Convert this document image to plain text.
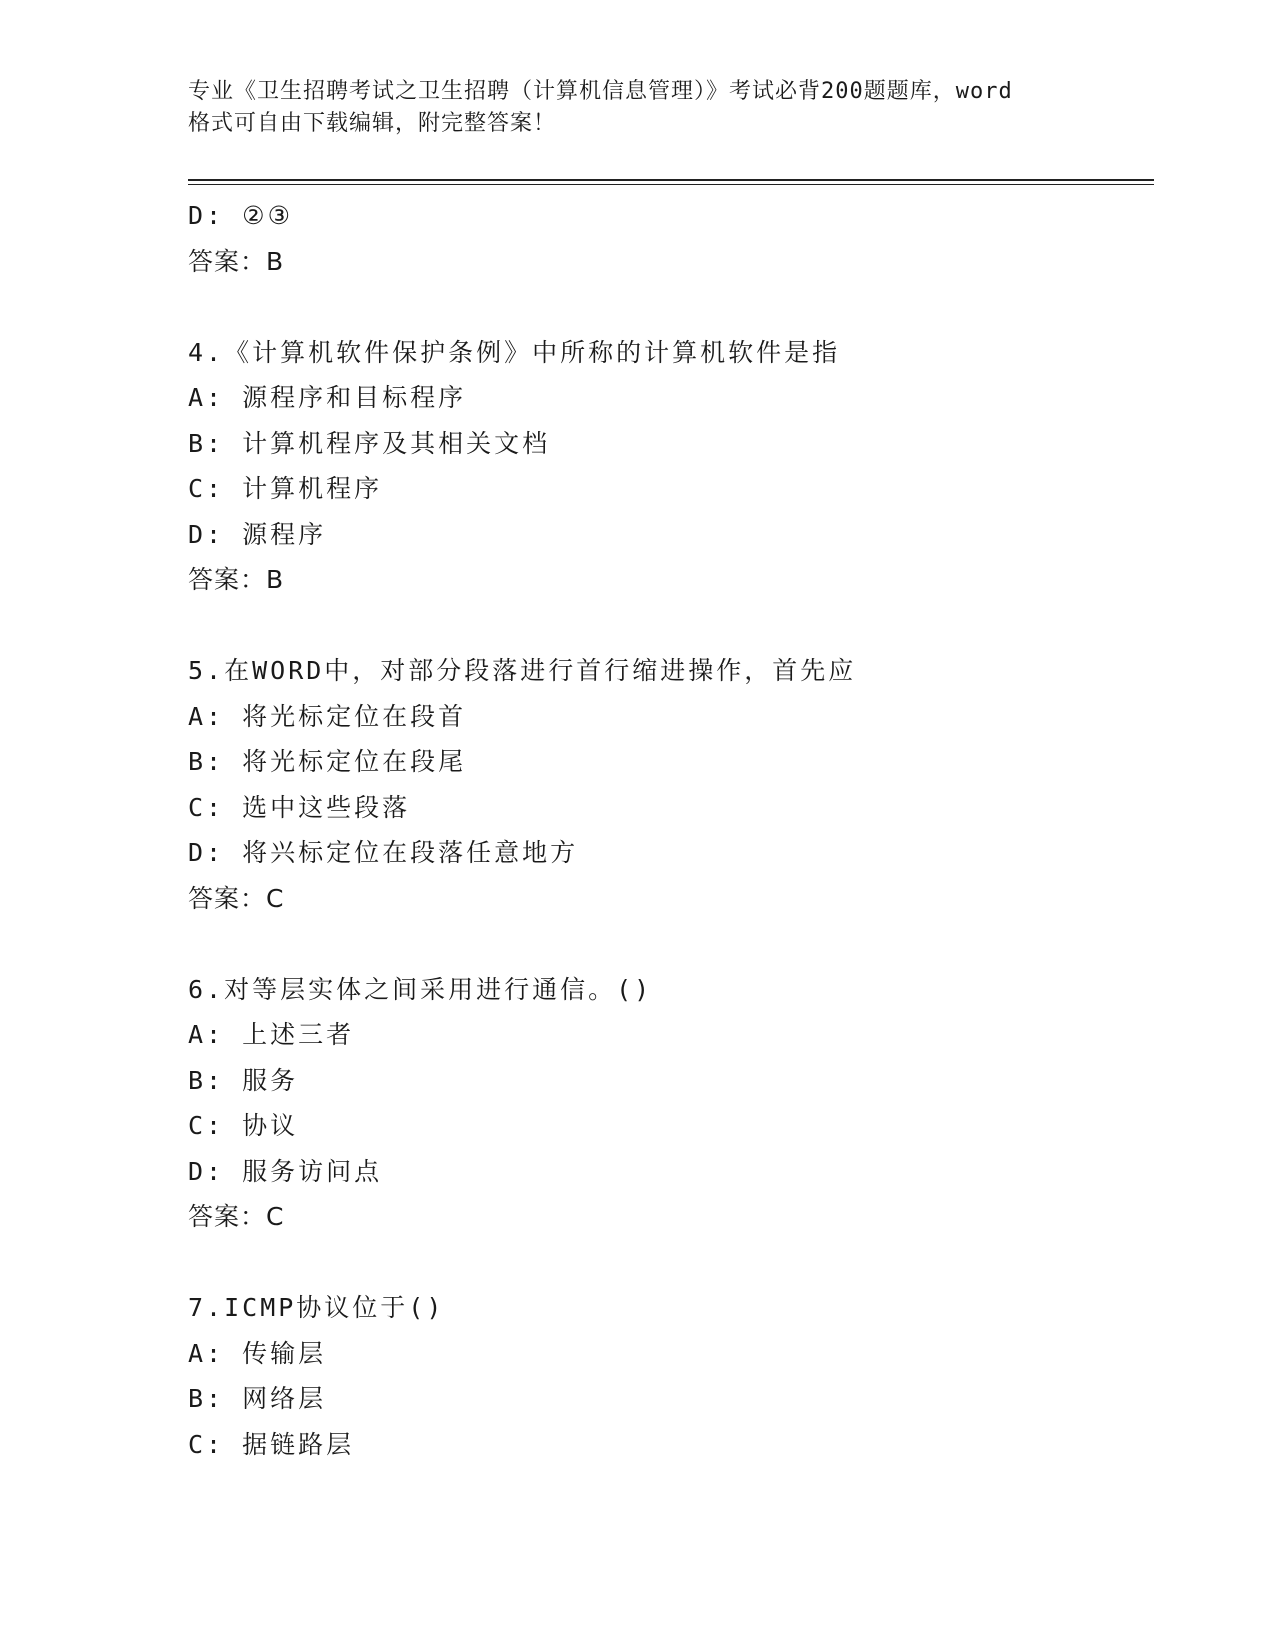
专业《卫生招聘考试之卫生招聘（计算机信息管理）》考试必背200题题库，word
格式可自由下载编辑，附完整答案！
D: ②③
答案：B
4.《计算机软件保护条例》中所称的计算机软件是指
A: 源程序和目标程序
B: 计算机程序及其相关文档
C: 计算机程序
D: 源程序
答案：B
5.在WORD中，对部分段落进行首行缩进操作，首先应
A: 将光标定位在段首
B: 将光标定位在段尾
C: 选中这些段落
D: 将兴标定位在段落任意地方
答案：C
6.对等层实体之间采用进行通信。()
A: 上述三者
B: 服务
C: 协议
D: 服务访问点
答案：C
7.ICMP协议位于()
A: 传输层
B: 网络层
C: 据链路层
